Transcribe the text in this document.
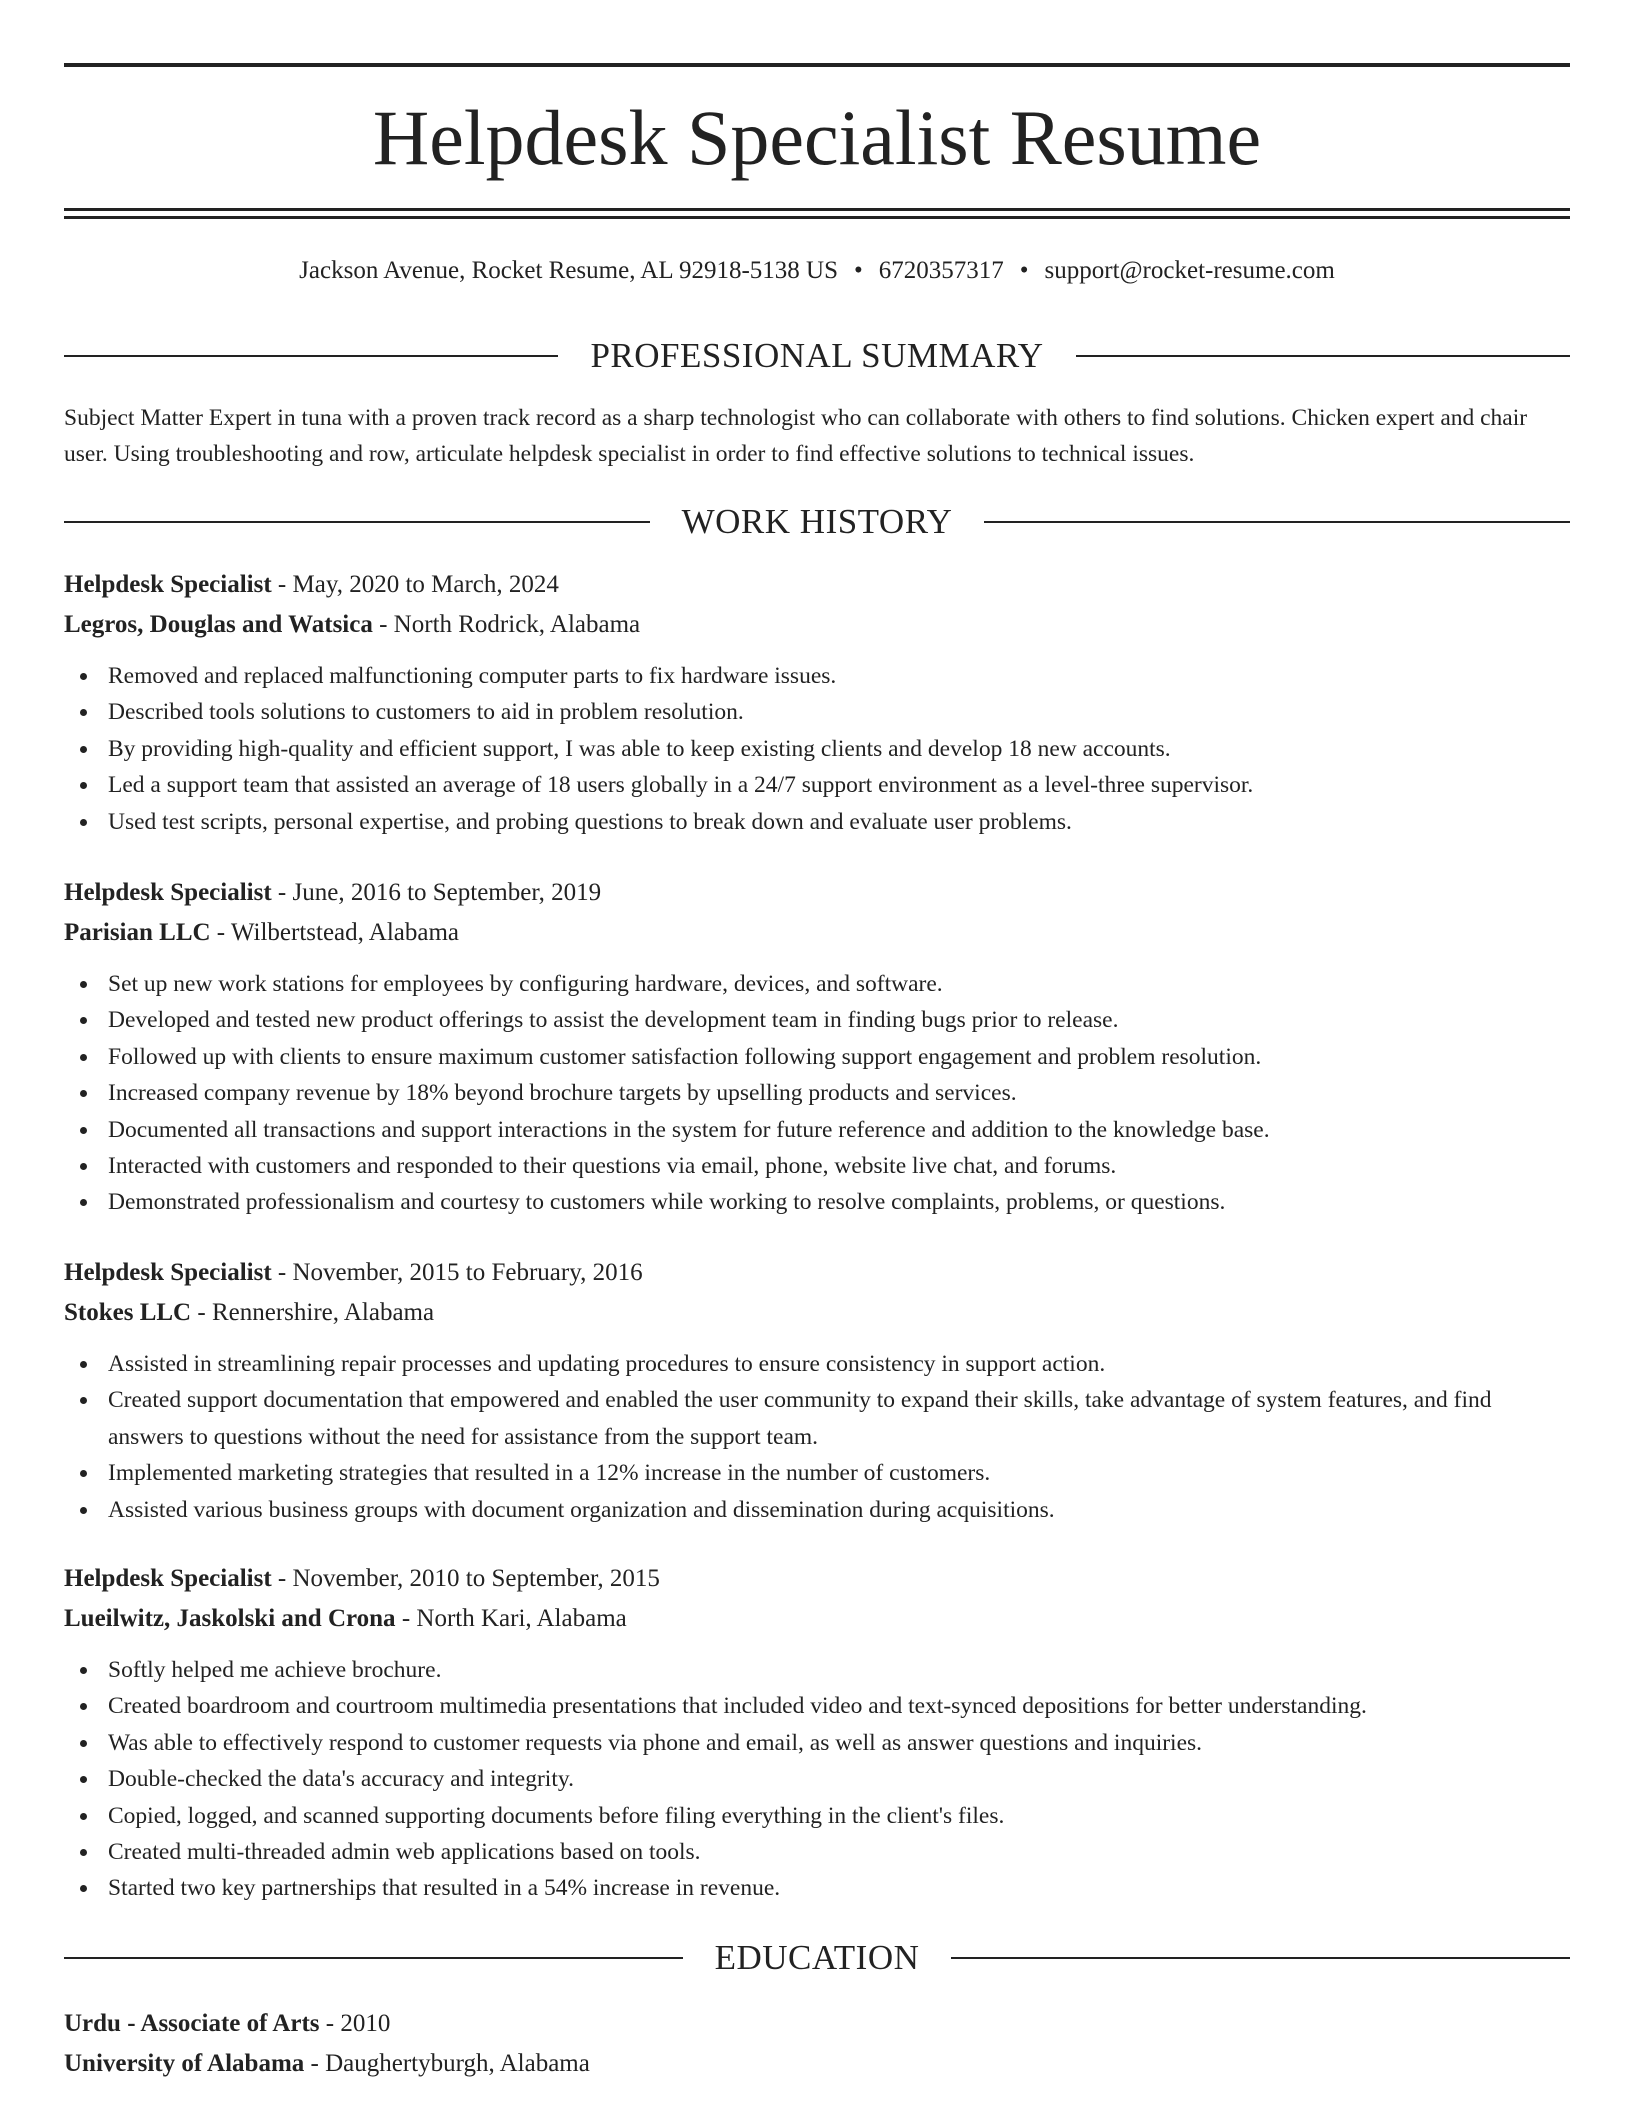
Helpdesk Specialist Resume
Jackson Avenue, Rocket Resume, AL 92918-5138 US • 6720357317 • support@rocket-resume.com
PROFESSIONAL SUMMARY

Subject Matter Expert in tuna with a proven track record as a sharp technologist who can collaborate with others to find solutions. Chicken expert and chair user. Using troubleshooting and row, articulate helpdesk specialist in order to find effective solutions to technical issues.

WORK HISTORY

Helpdesk Specialist - May, 2020 to March, 2024

Legros, Douglas and Watsica - North Rodrick, Alabama

Removed and replaced malfunctioning computer parts to fix hardware issues.
Described tools solutions to customers to aid in problem resolution.
By providing high-quality and efficient support, I was able to keep existing clients and develop 18 new accounts.
Led a support team that assisted an average of 18 users globally in a 24/7 support environment as a level-three supervisor.
Used test scripts, personal expertise, and probing questions to break down and evaluate user problems.

Helpdesk Specialist - June, 2016 to September, 2019

Parisian LLC - Wilbertstead, Alabama

Set up new work stations for employees by configuring hardware, devices, and software.
Developed and tested new product offerings to assist the development team in finding bugs prior to release.
Followed up with clients to ensure maximum customer satisfaction following support engagement and problem resolution.
Increased company revenue by 18% beyond brochure targets by upselling products and services.
Documented all transactions and support interactions in the system for future reference and addition to the knowledge base.
Interacted with customers and responded to their questions via email, phone, website live chat, and forums.
Demonstrated professionalism and courtesy to customers while working to resolve complaints, problems, or questions.

Helpdesk Specialist - November, 2015 to February, 2016

Stokes LLC - Rennershire, Alabama

Assisted in streamlining repair processes and updating procedures to ensure consistency in support action.
Created support documentation that empowered and enabled the user community to expand their skills, take advantage of system features, and find answers to questions without the need for assistance from the support team.
Implemented marketing strategies that resulted in a 12% increase in the number of customers.
Assisted various business groups with document organization and dissemination during acquisitions.

Helpdesk Specialist - November, 2010 to September, 2015

Lueilwitz, Jaskolski and Crona - North Kari, Alabama

Softly helped me achieve brochure.
Created boardroom and courtroom multimedia presentations that included video and text-synced depositions for better understanding.
Was able to effectively respond to customer requests via phone and email, as well as answer questions and inquiries.
Double-checked the data's accuracy and integrity.
Copied, logged, and scanned supporting documents before filing everything in the client's files.
Created multi-threaded admin web applications based on tools.
Started two key partnerships that resulted in a 54% increase in revenue.
EDUCATION

Urdu - Associate of Arts - 2010

University of Alabama - Daughertyburgh, Alabama
